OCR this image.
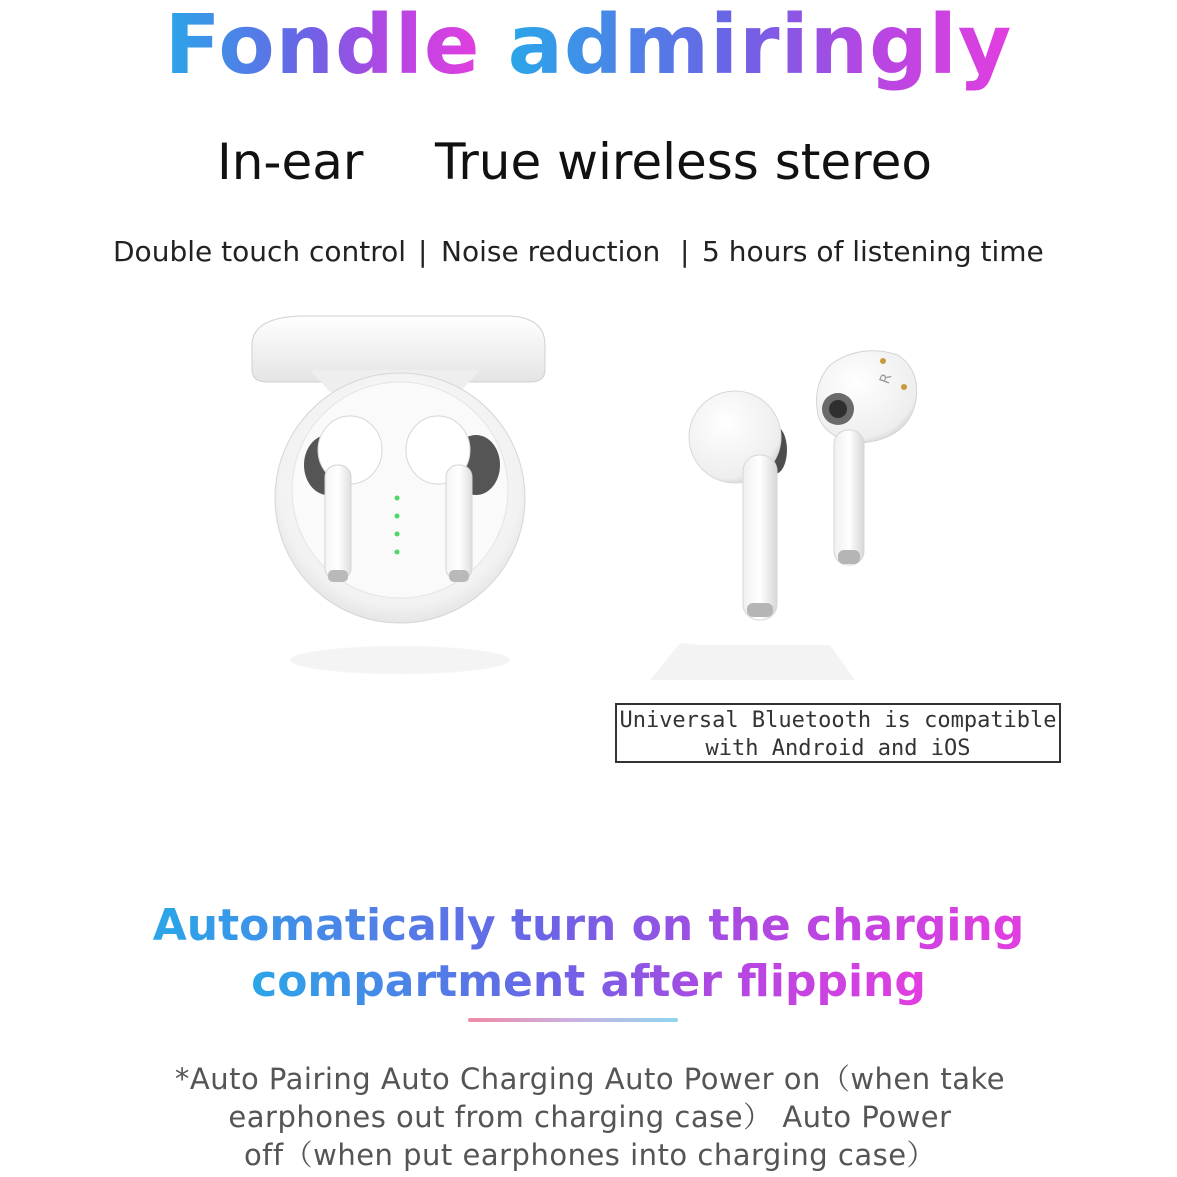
Fondle admiringly
In-ear True wireless stereo
Double touch control | Noise reduction | 5 hours of listening time
R
Universal Bluetooth is compatible
with Android and iOS
Automatically turn on the charging
compartment after flipping
*Auto Pairing Auto Charging Auto Power on（when take
earphones out from charging case） Auto Power
off（when put earphones into charging case）
